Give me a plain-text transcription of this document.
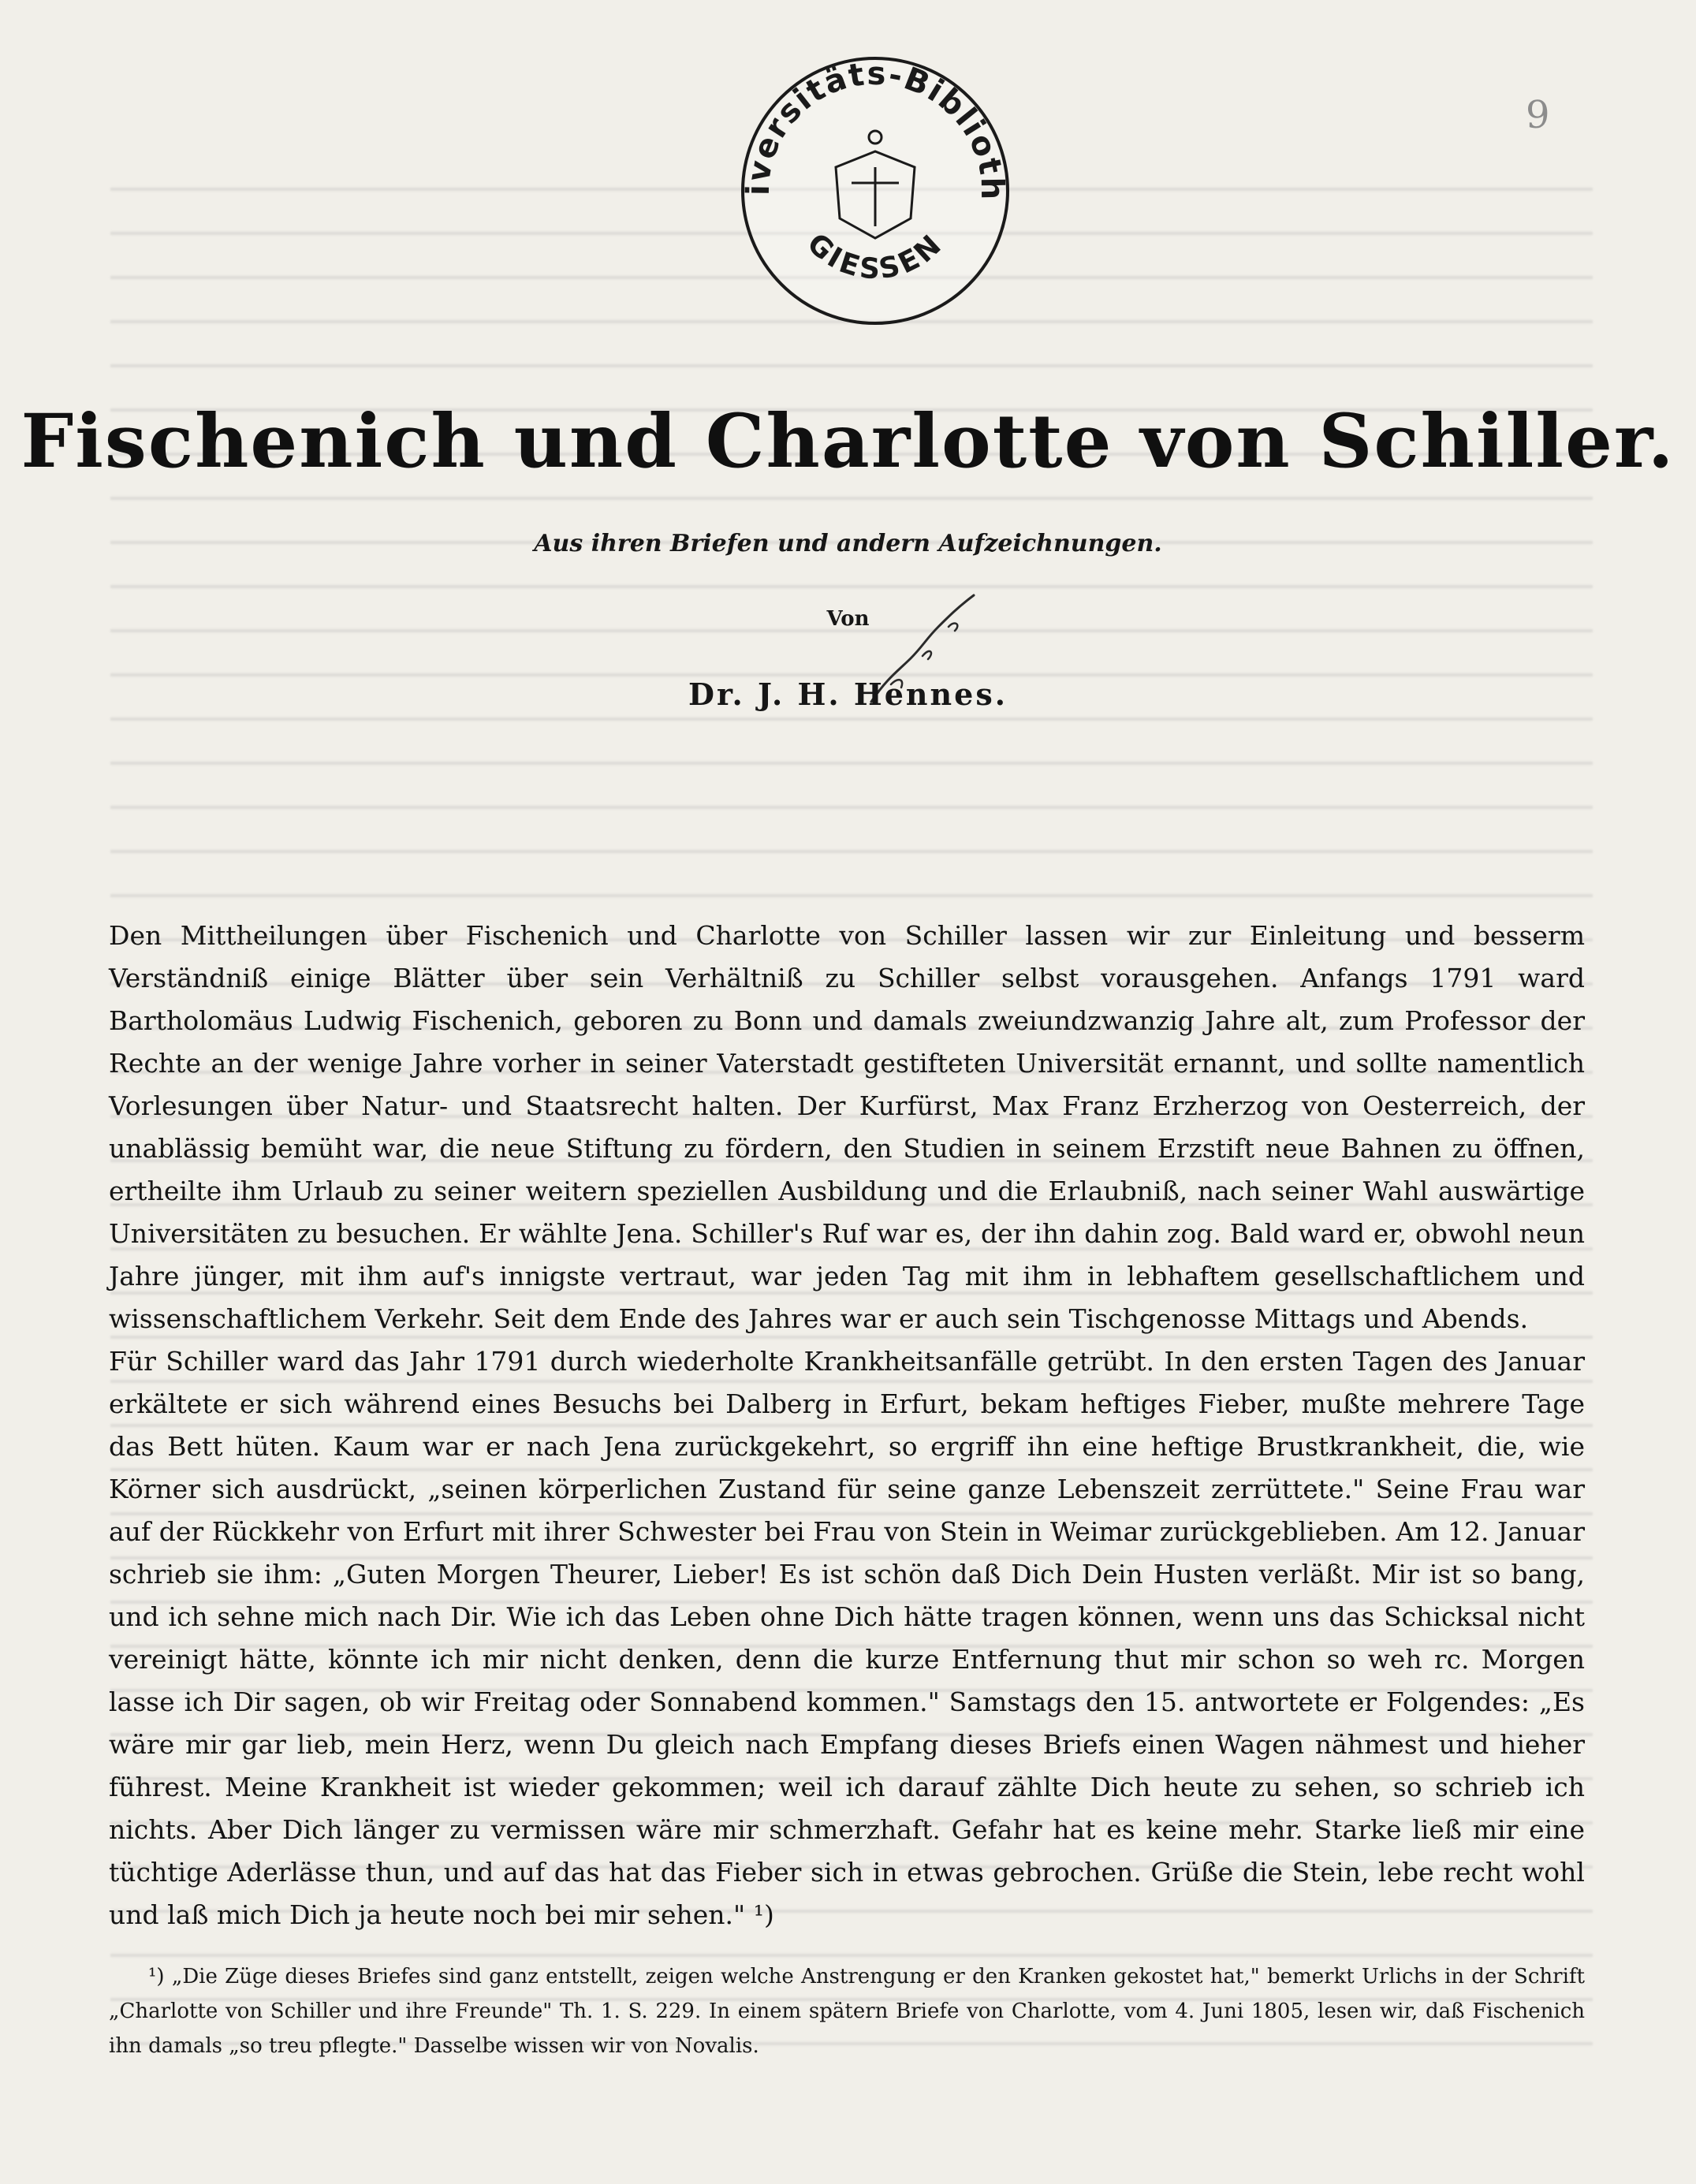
9
iversitäts-Biblioth
GIESSEN
Fischenich und Charlotte von Schiller.
Aus ihren Briefen und andern Aufzeichnungen.
Von
Dr. J. H. Hennes.

Den Mittheilungen über Fischenich und Charlotte von Schiller lassen wir zur Einleitung und besserm Verständniß einige Blätter über sein Verhältniß zu Schiller selbst vorausgehen. Anfangs 1791 ward Bartholomäus Ludwig Fischenich, geboren zu Bonn und damals zweiundzwanzig Jahre alt, zum Professor der Rechte an der wenige Jahre vorher in seiner Vaterstadt gestifteten Universität ernannt, und sollte namentlich Vorlesungen über Natur- und Staatsrecht halten. Der Kurfürst, Max Franz Erzherzog von Oesterreich, der unablässig bemüht war, die neue Stiftung zu fördern, den Studien in seinem Erzstift neue Bahnen zu öffnen, ertheilte ihm Urlaub zu seiner weitern speziellen Ausbildung und die Erlaubniß, nach seiner Wahl auswärtige Universitäten zu besuchen. Er wählte Jena. Schiller's Ruf war es, der ihn dahin zog. Bald ward er, obwohl neun Jahre jünger, mit ihm auf's innigste vertraut, war jeden Tag mit ihm in lebhaftem gesellschaftlichem und wissenschaftlichem Verkehr. Seit dem Ende des Jahres war er auch sein Tischgenosse Mittags und Abends.

Für Schiller ward das Jahr 1791 durch wiederholte Krankheitsanfälle getrübt. In den ersten Tagen des Januar erkältete er sich während eines Besuchs bei Dalberg in Erfurt, bekam heftiges Fieber, mußte mehrere Tage das Bett hüten. Kaum war er nach Jena zurückgekehrt, so ergriff ihn eine heftige Brustkrankheit, die, wie Körner sich ausdrückt, „seinen körperlichen Zustand für seine ganze Lebenszeit zerrüttete." Seine Frau war auf der Rückkehr von Erfurt mit ihrer Schwester bei Frau von Stein in Weimar zurückgeblieben. Am 12. Januar schrieb sie ihm: „Guten Morgen Theurer, Lieber! Es ist schön daß Dich Dein Husten verläßt. Mir ist so bang, und ich sehne mich nach Dir. Wie ich das Leben ohne Dich hätte tragen können, wenn uns das Schicksal nicht vereinigt hätte, könnte ich mir nicht denken, denn die kurze Entfernung thut mir schon so weh rc. Morgen lasse ich Dir sagen, ob wir Freitag oder Sonnabend kommen." Samstags den 15. antwortete er Folgendes: „Es wäre mir gar lieb, mein Herz, wenn Du gleich nach Empfang dieses Briefs einen Wagen nähmest und hieher führest. Meine Krankheit ist wieder gekommen; weil ich darauf zählte Dich heute zu sehen, so schrieb ich nichts. Aber Dich länger zu vermissen wäre mir schmerzhaft. Gefahr hat es keine mehr. Starke ließ mir eine tüchtige Aderlässe thun, und auf das hat das Fieber sich in etwas gebrochen. Grüße die Stein, lebe recht wohl und laß mich Dich ja heute noch bei mir sehen." ¹)

¹) „Die Züge dieses Briefes sind ganz entstellt, zeigen welche Anstrengung er den Kranken gekostet hat," bemerkt Urlichs in der Schrift „Charlotte von Schiller und ihre Freunde" Th. 1. S. 229. In einem spätern Briefe von Charlotte, vom 4. Juni 1805, lesen wir, daß Fischenich ihn damals „so treu pflegte." Dasselbe wissen wir von Novalis.
